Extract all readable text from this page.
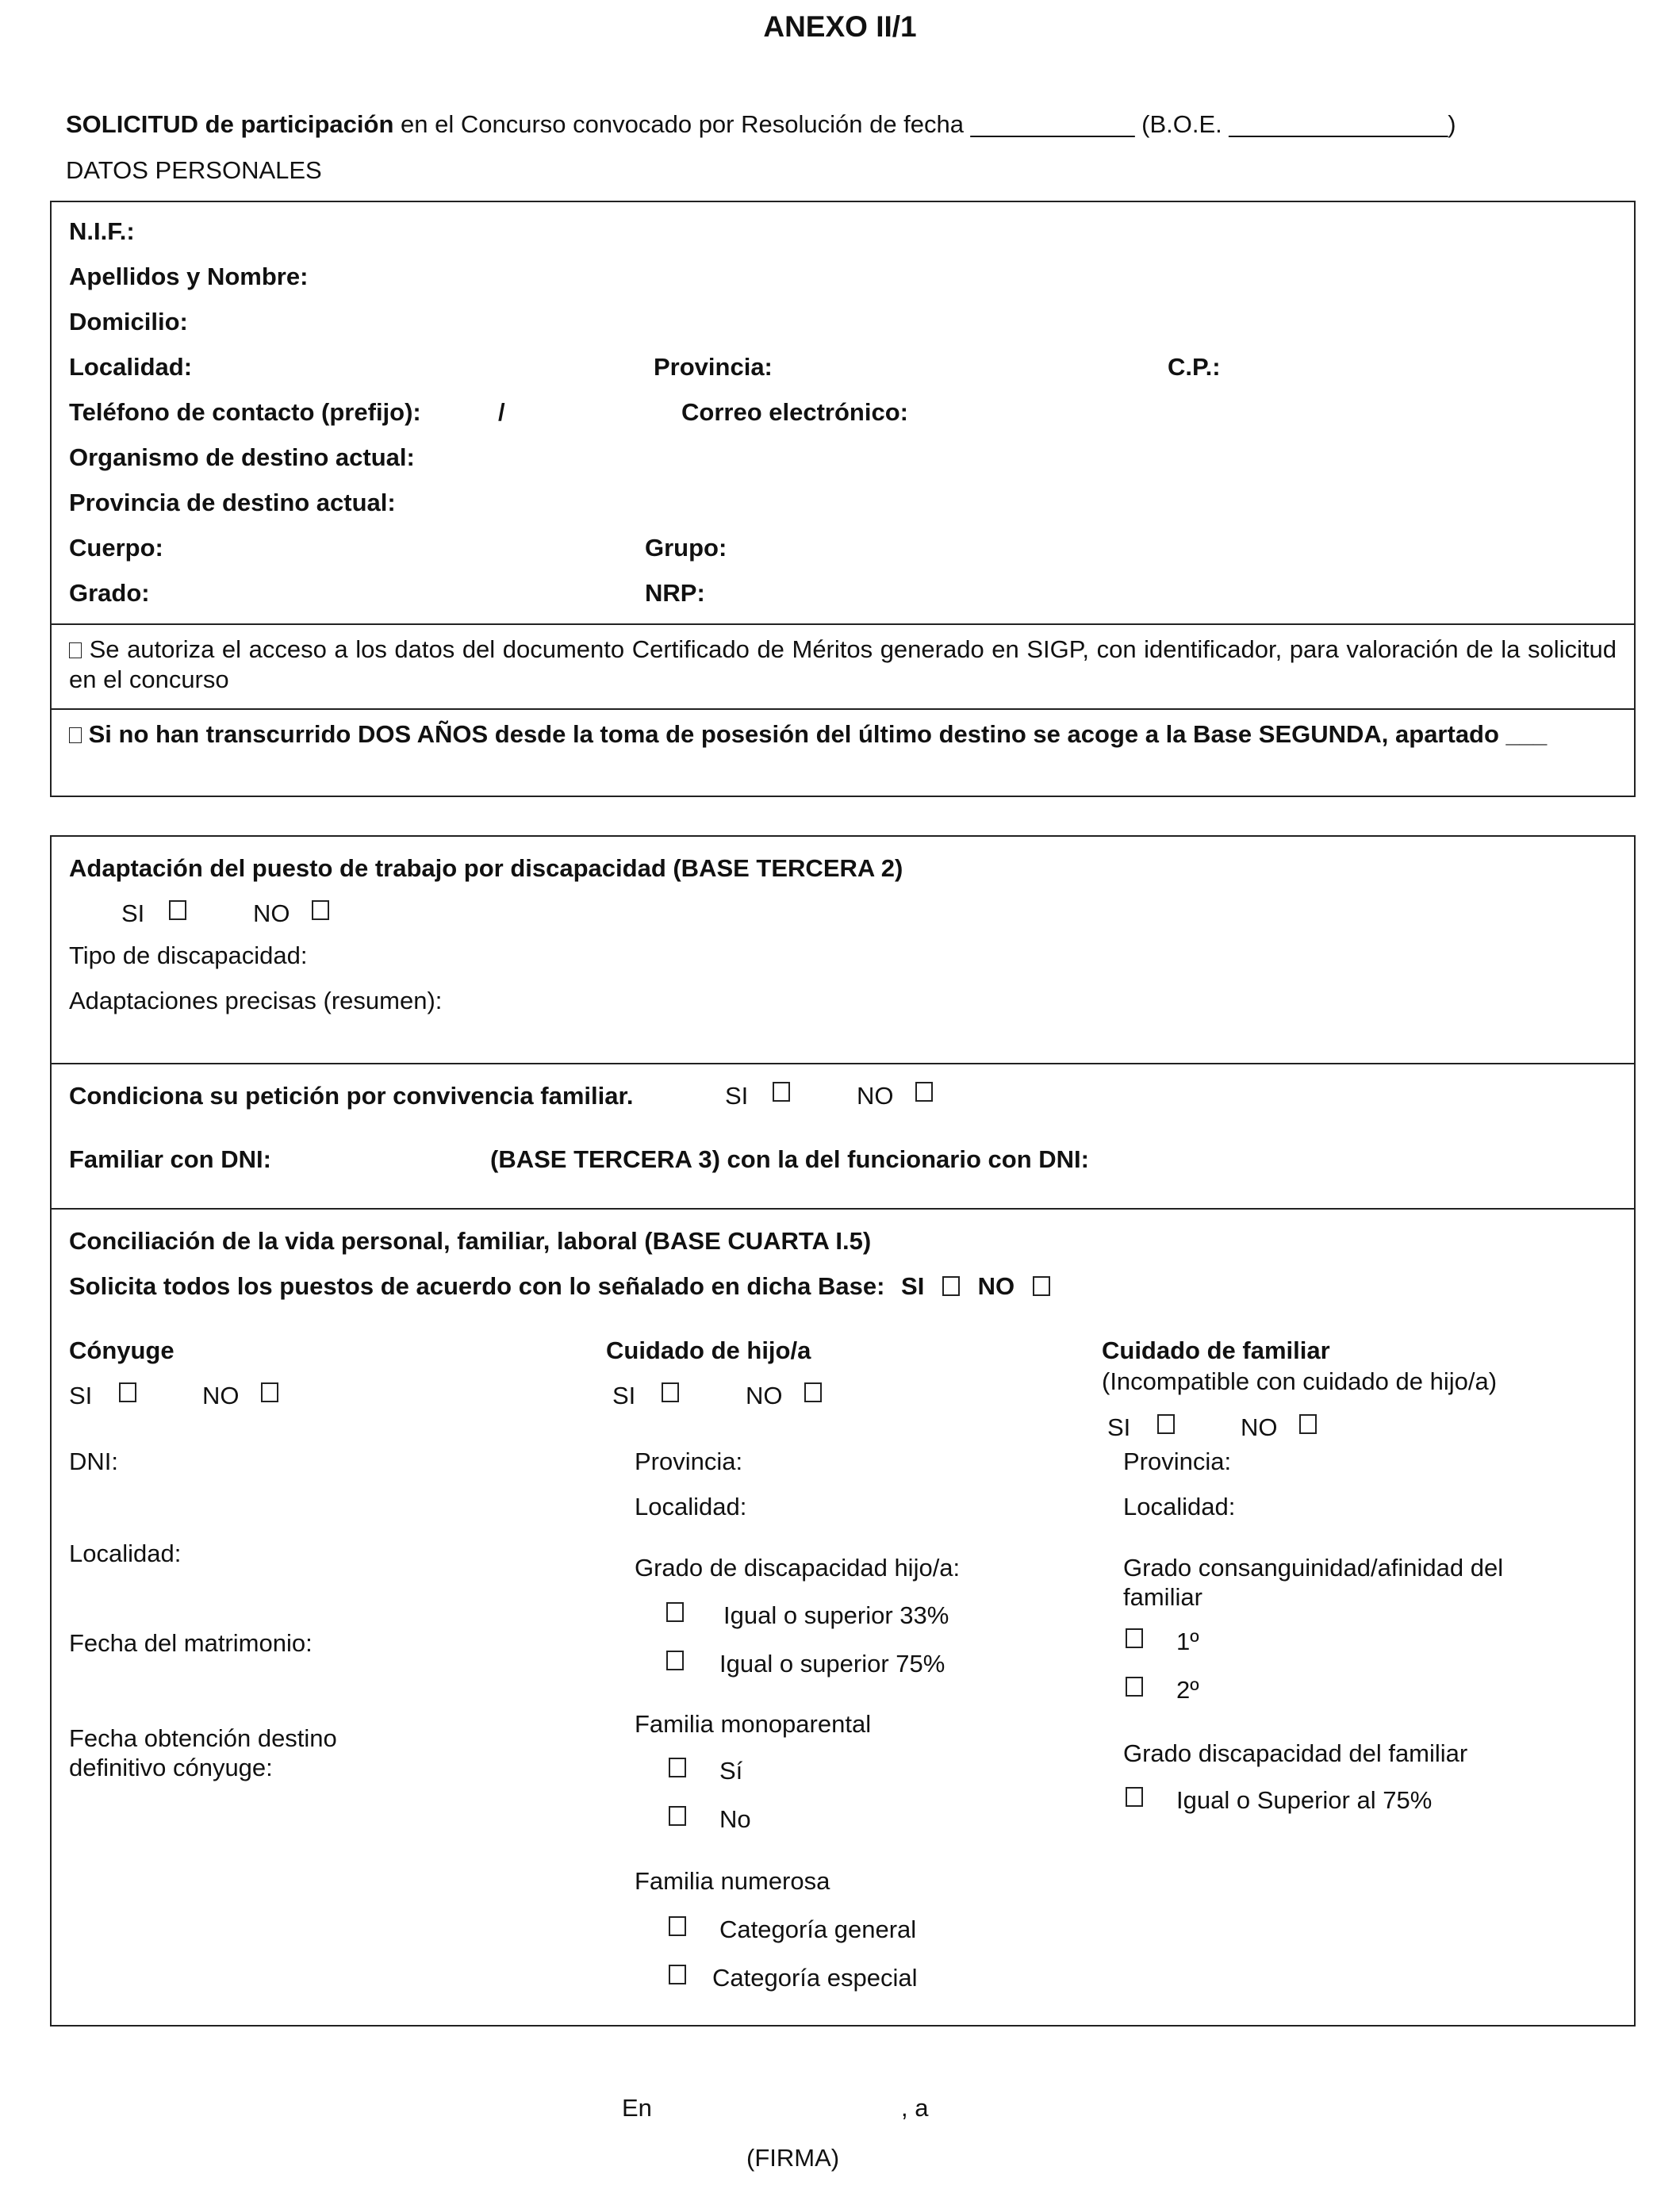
ANEXO II/1
SOLICITUD de participación en el Concurso convocado por Resolución de fecha ____________ (B.O.E. ________________)
DATOS PERSONALES
N.I.F.:
Apellidos y Nombre:
Domicilio:
Localidad:	Provincia:	C.P.:
Teléfono de contacto (prefijo):	/	Correo electrónico:
Organismo de destino actual:
Provincia de destino actual:
Cuerpo:	Grupo:
Grado:	NRP:
Se autoriza el acceso a los datos del documento Certificado de Méritos generado en SIGP, con identificador, para valoración de la solicitud en el concurso
Si no han transcurrido DOS AÑOS desde la toma de posesión del último destino se acoge a la Base SEGUNDA, apartado ___
Adaptación del puesto de trabajo por discapacidad (BASE TERCERA 2)
SI	NO
Tipo de discapacidad:
Adaptaciones precisas (resumen):
Condiciona su petición por convivencia familiar.	SI	NO
Familiar con DNI:	(BASE TERCERA 3) con la del funcionario con DNI:
Conciliación de la vida personal, familiar, laboral (BASE CUARTA I.5)
Solicita todos los puestos de acuerdo con lo señalado en dicha Base: SI NO
Cónyuge
SI	NO
DNI:
Localidad:
Fecha del matrimonio:
Fecha obtención destino
definitivo cónyuge:
Cuidado de hijo/a
SI	NO
Provincia:
Localidad:
Grado de discapacidad hijo/a:
Igual o superior 33%
Igual o superior 75%
Familia monoparental
Sí
No
Familia numerosa
Categoría general
Categoría especial
Cuidado de familiar
(Incompatible con cuidado de hijo/a)
SI	NO
Provincia:
Localidad:
Grado consanguinidad/afinidad del
familiar
1º
2º
Grado discapacidad del familiar
Igual o Superior al 75%
En	, a
(FIRMA)
